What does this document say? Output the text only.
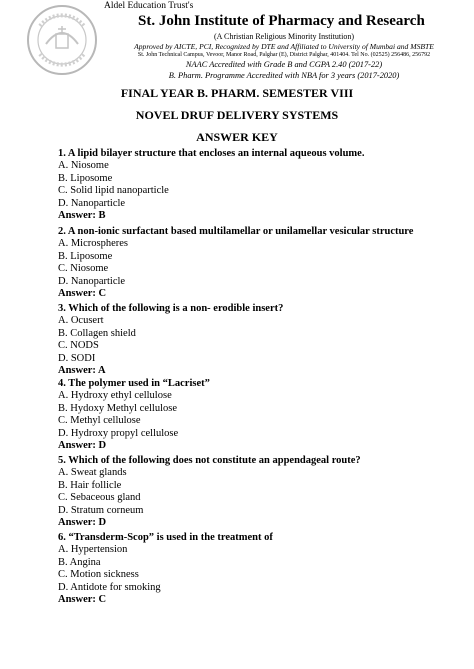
Aldel Education Trust's
St. John Institute of Pharmacy and Research
(A Christian Religious Minority Institution)
Approved by AICTE, PCI, Recognized by DTE and Affiliated to University of Mumbai and MSBTE
St. John Technical Campus, Vevoor, Manor Road, Palghar (E), District Palghar, 401404. Tel No. (02525) 256486, 256792
NAAC Accredited with Grade B and CGPA 2.40 (2017-22)
B. Pharm. Programme Accredited with NBA for 3 years (2017-2020)
FINAL YEAR B. PHARM. SEMESTER VIII
NOVEL DRUF DELIVERY SYSTEMS
ANSWER KEY
1. A lipid bilayer structure that encloses an internal aqueous volume.
A. Niosome
B. Liposome
C. Solid lipid nanoparticle
D. Nanoparticle
Answer: B
2. A non-ionic surfactant based multilamellar or unilamellar vesicular structure
A. Microspheres
B. Liposome
C. Niosome
D. Nanoparticle
Answer: C
3. Which of the following is a non- erodible insert?
A. Ocusert
B. Collagen shield
C. NODS
D. SODI
Answer: A
4. The polymer used in “Lacriset”
A. Hydroxy ethyl cellulose
B. Hydoxy Methyl cellulose
C. Methyl cellulose
D. Hydroxy propyl cellulose
Answer: D
5. Which of the following does not constitute an appendageal route?
A. Sweat glands
B. Hair follicle
C. Sebaceous gland
D. Stratum corneum
Answer: D
6. “Transderm-Scop” is used in the treatment of
A. Hypertension
B. Angina
C. Motion sickness
D. Antidote for smoking
Answer: C
